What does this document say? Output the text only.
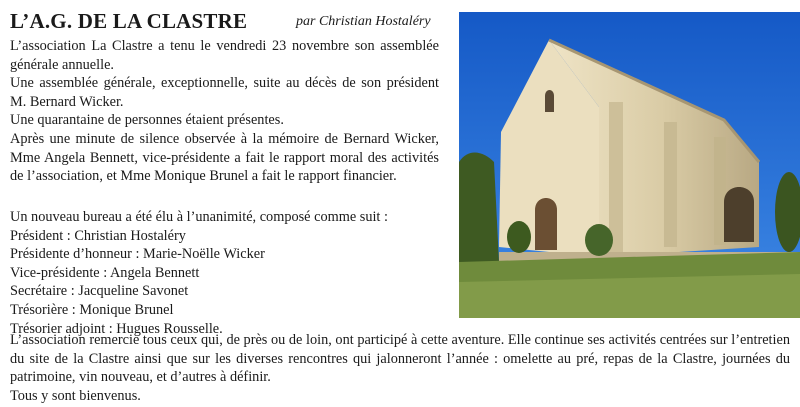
L’A.G. DE LA CLASTRE	par Christian Hostaléry

L’association La Clastre a tenu le vendredi 23 novembre son assemblée générale annuelle.

Une assemblée générale, exceptionnelle, suite au décès de son président M. Bernard Wicker.

Une quarantaine de personnes étaient présentes.

Après une minute de silence observée à la mémoire de Bernard Wicker, Mme Angela Bennett, vice-présidente a fait le rapport moral des activités de l’association, et Mme Monique Brunel a fait le rapport financier.

Un nouveau bureau a été élu à l’unanimité, composé comme suit :

Président : Christian Hostaléry

Présidente d’honneur : Marie-Noëlle Wicker

Vice-présidente : Angela Bennett

Secrétaire : Jacqueline Savonet

Trésorière : Monique Brunel

Trésorier adjoint : Hugues Rousselle.

L’association remercie tous ceux qui, de près ou de loin, ont participé à cette aventure. Elle continue ses activités centrées sur l’entretien du site de la Clastre ainsi que sur les diverses rencontres qui jalonneront l’année : omelette au pré, repas de la Clastre, journées du patrimoine, vin nouveau, et d’autres à définir.

Tous y sont bienvenus.
